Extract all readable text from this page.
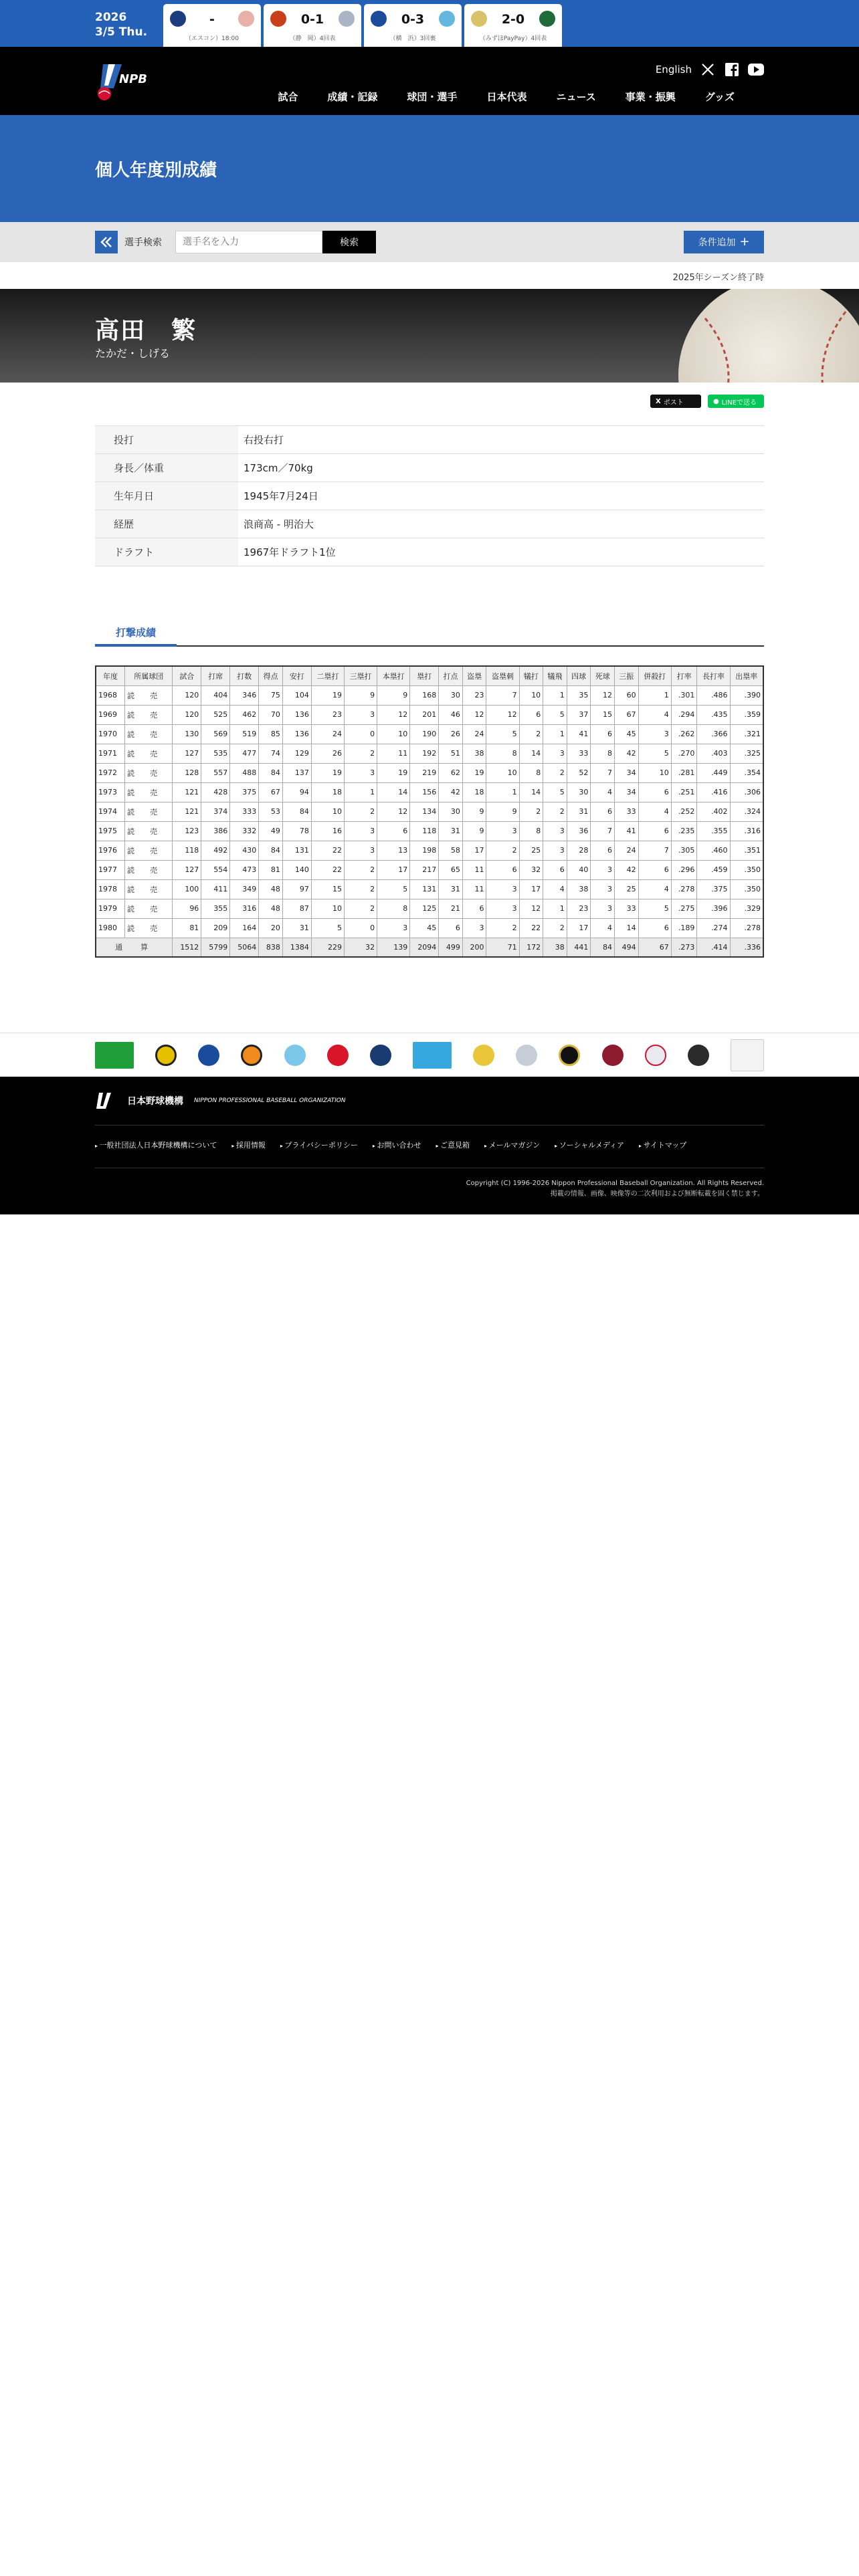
2026
3/5 Thu.
-
（エスコン）18:00
0-1
（静　岡）4回表
0-3
（横　浜）3回裏
2-0
（みずほPayPay）4回表
NPB
English
試合	成績・記録	球団・選手	日本代表	ニュース	事業・振興	グッズ
個人年度別成績
選手検索
選手名を入力	検索	条件追加 +
2025年シーズン終了時
高田　繁
たかだ・しげる
X ポスト	● LINEで送る
投打	右投右打
身長／体重	173cm／70kg
生年月日	1945年7月24日
経歴	浪商高 - 明治大
ドラフト	1967年ドラフト1位
打撃成績
年度	所属球団	試合	打席	打数	得点	安打	二塁打	三塁打	本塁打	塁打	打点	盗塁	盗塁刺	犠打	犠飛	四球	死球	三振	併殺打	打率	長打率	出塁率
1968	読　売	120	404	346	75	104	19	9	9	168	30	23	7	10	1	35	12	60	1	.301	.486	.390
1969	読　売	120	525	462	70	136	23	3	12	201	46	12	12	6	5	37	15	67	4	.294	.435	.359
1970	読　売	130	569	519	85	136	24	0	10	190	26	24	5	2	1	41	6	45	3	.262	.366	.321
1971	読　売	127	535	477	74	129	26	2	11	192	51	38	8	14	3	33	8	42	5	.270	.403	.325
1972	読　売	128	557	488	84	137	19	3	19	219	62	19	10	8	2	52	7	34	10	.281	.449	.354
1973	読　売	121	428	375	67	94	18	1	14	156	42	18	1	14	5	30	4	34	6	.251	.416	.306
1974	読　売	121	374	333	53	84	10	2	12	134	30	9	9	2	2	31	6	33	4	.252	.402	.324
1975	読　売	123	386	332	49	78	16	3	6	118	31	9	3	8	3	36	7	41	6	.235	.355	.316
1976	読　売	118	492	430	84	131	22	3	13	198	58	17	2	25	3	28	6	24	7	.305	.460	.351
1977	読　売	127	554	473	81	140	22	2	17	217	65	11	6	32	6	40	3	42	6	.296	.459	.350
1978	読　売	100	411	349	48	97	15	2	5	131	31	11	3	17	4	38	3	25	4	.278	.375	.350
1979	読　売	96	355	316	48	87	10	2	8	125	21	6	3	12	1	23	3	33	5	.275	.396	.329
1980	読　売	81	209	164	20	31	5	0	3	45	6	3	2	22	2	17	4	14	6	.189	.274	.278
通　算		1512	5799	5064	838	1384	229	32	139	2094	499	200	71	172	38	441	84	494	67	.273	.414	.336
日本野球機構 NIPPON PROFESSIONAL BASEBALL ORGANIZATION
▸ 一般社団法人日本野球機構について	▸ 採用情報	▸ プライバシーポリシー	▸ お問い合わせ	▸ ご意見箱	▸ メールマガジン	▸ ソーシャルメディア	▸ サイトマップ
Copyright (C) 1996-2026 Nippon Professional Baseball Organization. All Rights Reserved.
掲載の情報、画像、映像等の二次利用および無断転載を固く禁じます。
